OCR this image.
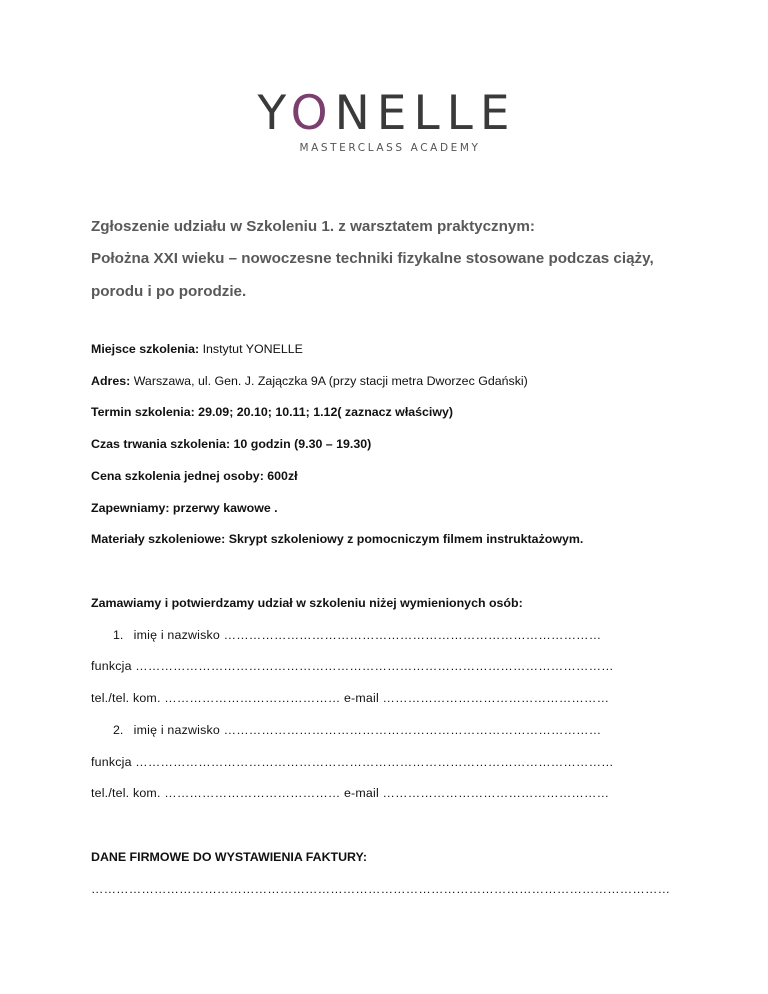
YONELLE
MASTERCLASS ACADEMY
Zgłoszenie udziału w Szkoleniu 1. z warsztatem praktycznym:
Położna XXI wieku – nowoczesne techniki fizykalne stosowane podczas ciąży,
porodu i po porodzie.
Miejsce szkolenia: Instytut YONELLE
Adres: Warszawa, ul. Gen. J. Zajączka 9A (przy stacji metra Dworzec Gdański)
Termin szkolenia: 29.09; 20.10; 10.11; 1.12( zaznacz właściwy)
Czas trwania szkolenia: 10 godzin (9.30 – 19.30)
Cena szkolenia jednej osoby: 600zł
Zapewniamy: przerwy kawowe .
Materiały szkoleniowe: Skrypt szkoleniowy z pomocniczym filmem instruktażowym.
Zamawiamy i potwierdzamy udział w szkoleniu niżej wymienionych osób:
1. imię i nazwisko ………………………………………………………………………………
funkcja ……………………………………………………………………………………………………
tel./tel. kom. …………………………………… e-mail ………………………………………………
2. imię i nazwisko ………………………………………………………………………………
funkcja ……………………………………………………………………………………………………
tel./tel. kom. …………………………………… e-mail ………………………………………………
DANE FIRMOWE DO WYSTAWIENIA FAKTURY:
…………………………………………………………………………………………………………………………
